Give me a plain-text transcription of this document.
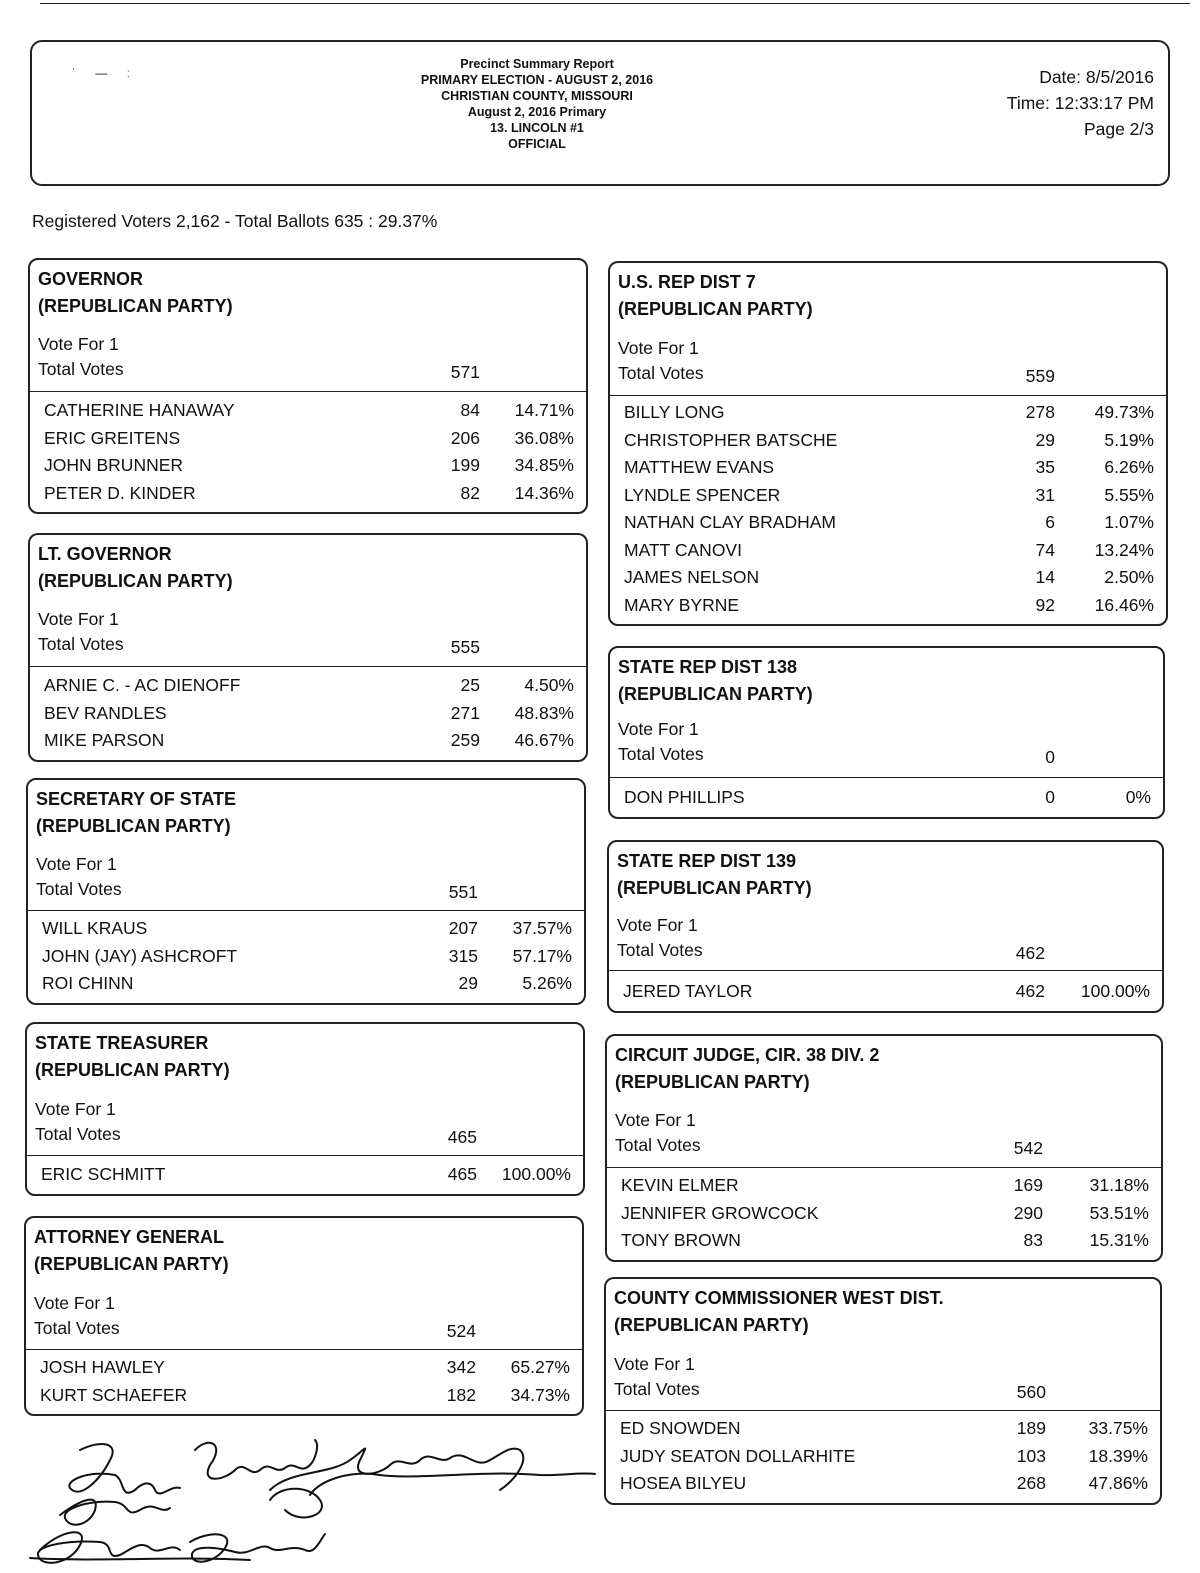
˙ — ː
Precinct Summary Report
PRIMARY ELECTION - AUGUST 2, 2016
CHRISTIAN COUNTY, MISSOURI
August 2, 2016 Primary
13. LINCOLN #1
OFFICIAL
Date: 8/5/2016
Time: 12:33:17 PM
Page 2/3
Registered Voters 2,162 - Total Ballots 635 : 29.37%
GOVERNOR
(REPUBLICAN PARTY)
Vote For 1
Total Votes	571
CATHERINE HANAWAY	84	14.71%
ERIC GREITENS	206	36.08%
JOHN BRUNNER	199	34.85%
PETER D. KINDER	82	14.36%
LT. GOVERNOR
(REPUBLICAN PARTY)
Vote For 1
Total Votes	555
ARNIE C. - AC DIENOFF	25	4.50%
BEV RANDLES	271	48.83%
MIKE PARSON	259	46.67%
SECRETARY OF STATE
(REPUBLICAN PARTY)
Vote For 1
Total Votes	551
WILL KRAUS	207	37.57%
JOHN (JAY) ASHCROFT	315	57.17%
ROI CHINN	29	5.26%
STATE TREASURER
(REPUBLICAN PARTY)
Vote For 1
Total Votes	465
ERIC SCHMITT	465	100.00%
ATTORNEY GENERAL
(REPUBLICAN PARTY)
Vote For 1
Total Votes	524
JOSH HAWLEY	342	65.27%
KURT SCHAEFER	182	34.73%
U.S. REP DIST 7
(REPUBLICAN PARTY)
Vote For 1
Total Votes	559
BILLY LONG	278	49.73%
CHRISTOPHER BATSCHE	29	5.19%
MATTHEW EVANS	35	6.26%
LYNDLE SPENCER	31	5.55%
NATHAN CLAY BRADHAM	6	1.07%
MATT CANOVI	74	13.24%
JAMES NELSON	14	2.50%
MARY BYRNE	92	16.46%
STATE REP DIST 138
(REPUBLICAN PARTY)
Vote For 1
Total Votes	0
DON PHILLIPS	0	0%
STATE REP DIST 139
(REPUBLICAN PARTY)
Vote For 1
Total Votes	462
JERED TAYLOR	462	100.00%
CIRCUIT JUDGE, CIR. 38 DIV. 2
(REPUBLICAN PARTY)
Vote For 1
Total Votes	542
KEVIN ELMER	169	31.18%
JENNIFER GROWCOCK	290	53.51%
TONY BROWN	83	15.31%
COUNTY COMMISSIONER WEST DIST.
(REPUBLICAN PARTY)
Vote For 1
Total Votes	560
ED SNOWDEN	189	33.75%
JUDY SEATON DOLLARHITE	103	18.39%
HOSEA BILYEU	268	47.86%
